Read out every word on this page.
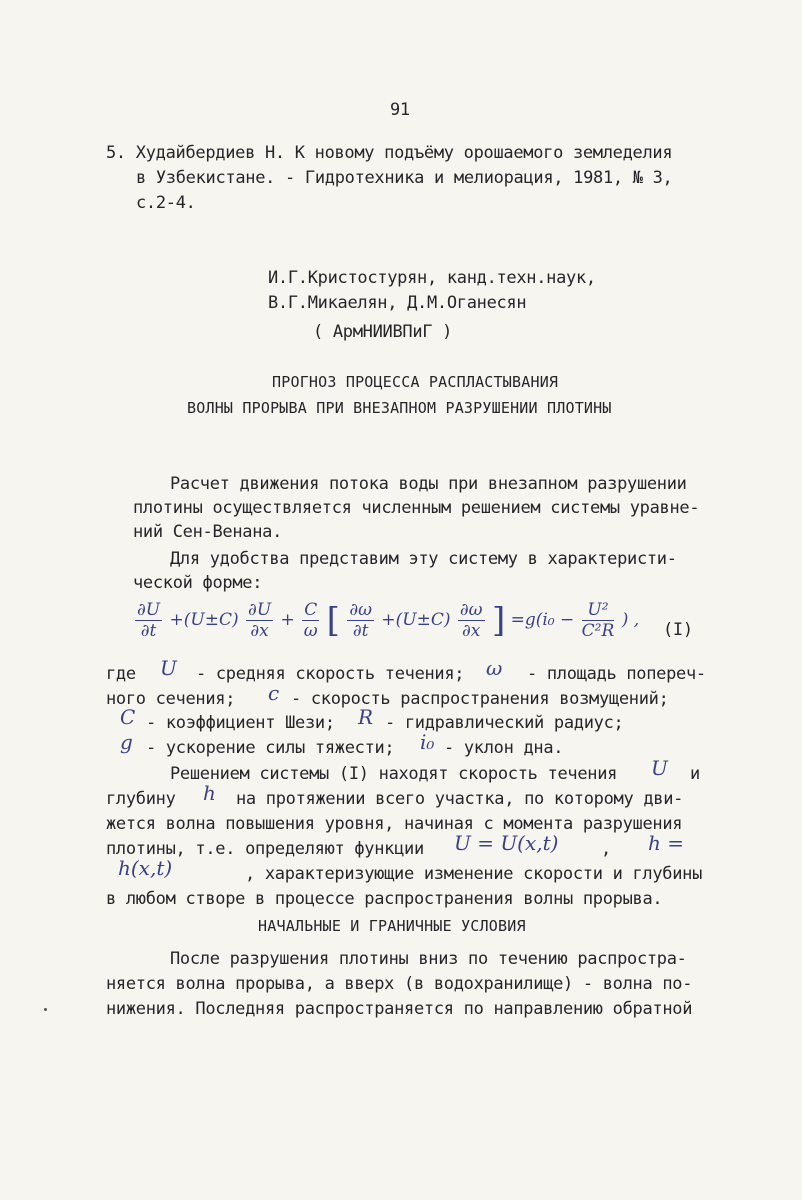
91
5. Худайбердиев Н. К новому подъёму орошаемого земледелия
в Узбекистане. - Гидротехника и мелиорация, 1981, № 3,
с.2-4.
И.Г.Кристостурян, канд.техн.наук,
В.Г.Микаелян, Д.М.Оганесян
( АрмНИИВПиГ )
ПРОГНОЗ ПРОЦЕССА РАСПЛАСТЫВАНИЯ
ВОЛНЫ ПРОРЫВА ПРИ ВНЕЗАПНОМ РАЗРУШЕНИИ ПЛОТИНЫ
Расчет движения потока воды при внезапном разрушении
плотины осуществляется численным решением системы уравне-
ний Сен-Венана.
Для удобства представим эту систему в характеристи-
ческой форме:
$\frac{\partial U}{\partial t} +(U\pm C) \frac{\partial U}{\partial x} + \frac{C}{\omega}$ [ $\frac{\partial\omega}{\partial t} +(U\pm C) \frac{\partial\omega}{\partial x}$ ] $=g(i_0 - \frac{\text{U²}}{\text{C²R}}$ ) ,	(I)
где U - средняя скорость течения; ω - площадь попереч-
ного сечения; c - скорость распространения возмущений;
C - коэффициент Шези; R - гидравлический радиус;
g - ускорение силы тяжести; i₀ - уклон дна.
Решением системы (I) находят скорость течения U и
глубину h на протяжении всего участка, по которому дви-
жется волна повышения уровня, начиная с момента разрушения
плотины, т.е. определяют функции U = U(x,t)	, h =
h(x,t)	, характеризующие изменение скорости и глубины
в любом створе в процессе распространения волны прорыва.
НАЧАЛЬНЫЕ И ГРАНИЧНЫЕ УСЛОВИЯ
После разрушения плотины вниз по течению распростра-
няется волна прорыва, а вверх (в водохранилище) - волна по-
нижения. Последняя распространяется по направлению обратной
